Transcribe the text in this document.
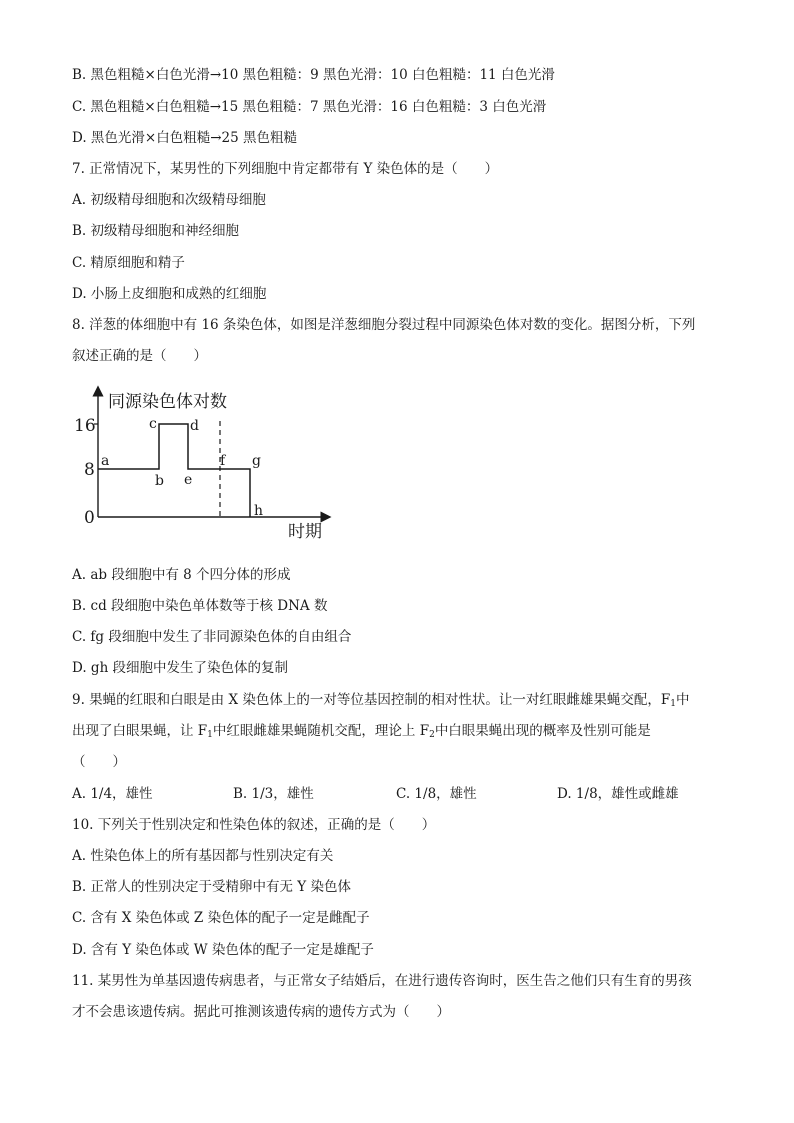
B. 黑色粗糙×白色光滑→10 黑色粗糙：9 黑色光滑：10 白色粗糙：11 白色光滑
C. 黑色粗糙×白色粗糙→15 黑色粗糙：7 黑色光滑：16 白色粗糙：3 白色光滑
D. 黑色光滑×白色粗糙→25 黑色粗糙
7. 正常情况下，某男性的下列细胞中肯定都带有 Y 染色体的是（　　）
A. 初级精母细胞和次级精母细胞
B. 初级精母细胞和神经细胞
C. 精原细胞和精子
D. 小肠上皮细胞和成熟的红细胞
8. 洋葱的体细胞中有 16 条染色体，如图是洋葱细胞分裂过程中同源染色体对数的变化。据图分析，下列
叙述正确的是（　　）
同源染色体对数
时期
16
8
0
a
b
c d
e
f g
h
A. ab 段细胞中有 8 个四分体的形成
B. cd 段细胞中染色单体数等于核 DNA 数
C. fg 段细胞中发生了非同源染色体的自由组合
D. gh 段细胞中发生了染色体的复制
9. 果蝇的红眼和白眼是由 X 染色体上的一对等位基因控制的相对性状。让一对红眼雌雄果蝇交配，$F_1$中
出现了白眼果蝇，让 $F_1$中红眼雌雄果蝇随机交配，理论上 $F_2$中白眼果蝇出现的概率及性别可能是
（　　）
A. 1/4，雄性	B. 1/3，雄性	C. 1/8，雄性	D. 1/8，雄性或雌雄
10. 下列关于性别决定和性染色体的叙述，正确的是（　　）
A. 性染色体上的所有基因都与性别决定有关
B. 正常人的性别决定于受精卵中有无 Y 染色体
C. 含有 X 染色体或 Z 染色体的配子一定是雌配子
D. 含有 Y 染色体或 W 染色体的配子一定是雄配子
11. 某男性为单基因遗传病患者，与正常女子结婚后，在进行遗传咨询时，医生告之他们只有生育的男孩
才不会患该遗传病。据此可推测该遗传病的遗传方式为（　　）
